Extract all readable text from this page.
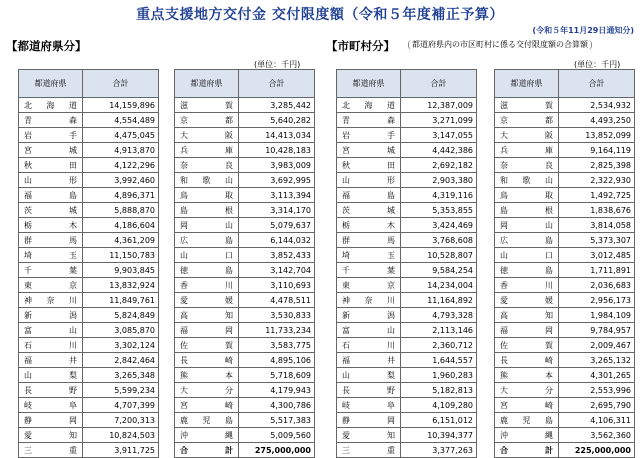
重点支援地方交付金 交付限度額（令和５年度補正予算）
(令和５年11月29日通知分)
【都道府県分】	【市町村分】	都道府県内の市区町村に係る交付限度額の合算額
(単位：千円)	(単位：千円)
都道府県	合計
北海道	14,159,896
青森	4,554,489
岩手	4,475,045
宮城	4,913,870
秋田	4,122,296
山形	3,992,460
福島	4,896,371
茨城	5,888,870
栃木	4,186,604
群馬	4,361,209
埼玉	11,150,783
千葉	9,903,845
東京	13,832,924
神奈川	11,849,761
新潟	5,824,849
富山	3,085,870
石川	3,302,124
福井	2,842,464
山梨	3,265,348
長野	5,599,234
岐阜	4,707,399
静岡	7,200,313
愛知	10,824,503
三重	3,911,725
都道府県	合計
滋賀	3,285,442
京都	5,640,282
大阪	14,413,034
兵庫	10,428,183
奈良	3,983,009
和歌山	3,692,995
鳥取	3,113,394
島根	3,314,170
岡山	5,079,637
広島	6,144,032
山口	3,852,433
徳島	3,142,704
香川	3,110,693
愛媛	4,478,511
高知	3,530,833
福岡	11,733,234
佐賀	3,583,775
長崎	4,895,106
熊本	5,718,609
大分	4,179,943
宮崎	4,300,786
鹿児島	5,517,383
沖縄	5,009,560
合計	275,000,000
都道府県	合計
北海道	12,387,009
青森	3,271,099
岩手	3,147,055
宮城	4,442,386
秋田	2,692,182
山形	2,903,380
福島	4,319,116
茨城	5,353,855
栃木	3,424,469
群馬	3,768,608
埼玉	10,528,807
千葉	9,584,254
東京	14,234,004
神奈川	11,164,892
新潟	4,793,328
富山	2,113,146
石川	2,360,712
福井	1,644,557
山梨	1,960,283
長野	5,182,813
岐阜	4,109,280
静岡	6,151,012
愛知	10,394,377
三重	3,377,263
都道府県	合計
滋賀	2,534,932
京都	4,493,250
大阪	13,852,099
兵庫	9,164,119
奈良	2,825,398
和歌山	2,322,930
鳥取	1,492,725
島根	1,838,676
岡山	3,814,058
広島	5,373,307
山口	3,012,485
徳島	1,711,891
香川	2,036,683
愛媛	2,956,173
高知	1,984,109
福岡	9,784,957
佐賀	2,009,467
長崎	3,265,132
熊本	4,301,265
大分	2,553,996
宮崎	2,695,790
鹿児島	4,106,311
沖縄	3,562,360
合計	225,000,000
